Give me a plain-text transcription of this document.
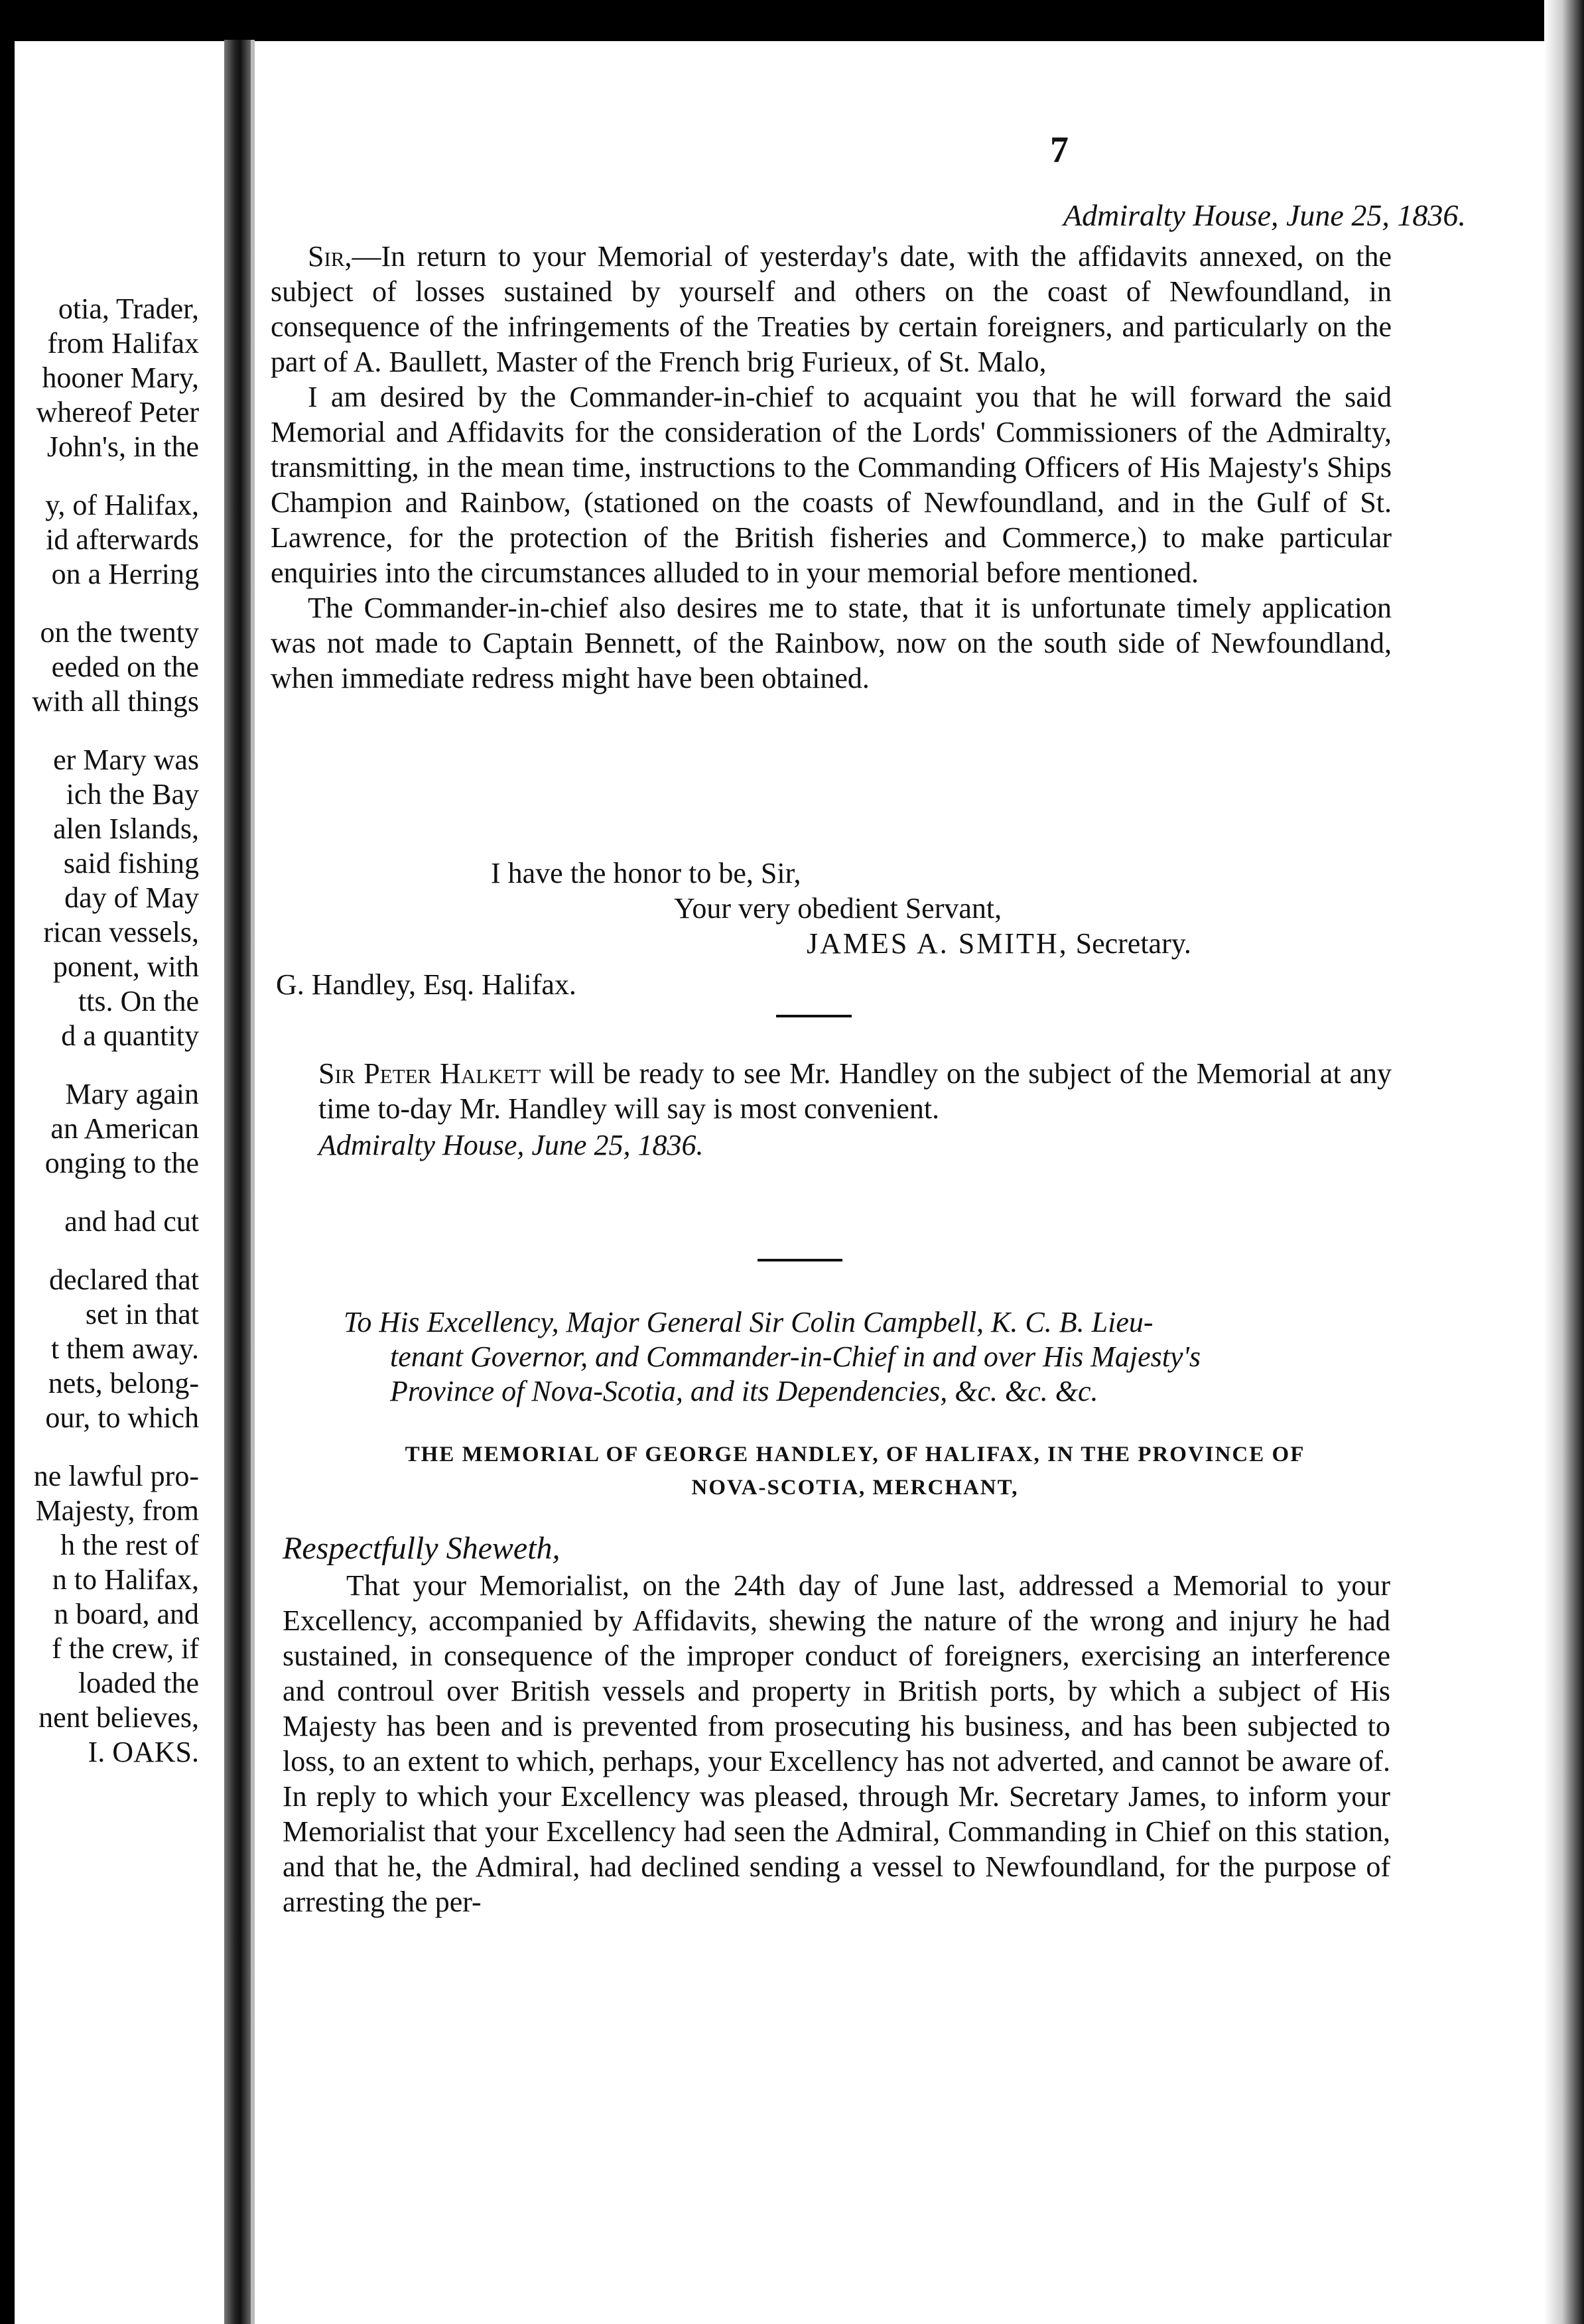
otia, Trader,
from Halifax
hooner Mary,
whereof Peter
John's, in the
y, of Halifax,
id afterwards
on a Herring
on the twenty
eeded on the
with all things
er Mary was
ich the Bay
alen Islands,
said fishing
day of May
rican vessels,
ponent, with
tts. On the
d a quantity
Mary again
an American
onging to the
and had cut
declared that
set in that
t them away.
nets, belong-
our, to which
ne lawful pro-
Majesty, from
h the rest of
n to Halifax,
n board, and
f the crew, if
loaded the
nent believes,
I. OAKS.
7
Admiralty House, June 25, 1836.

Sir,—In return to your Memorial of yesterday's date, with the affidavits annexed, on the subject of losses sustained by yourself and others on the coast of Newfoundland, in consequence of the infringements of the Treaties by certain foreigners, and particularly on the part of A. Baullett, Master of the French brig Furieux, of St. Malo,

I am desired by the Commander-in-chief to acquaint you that he will forward the said Memorial and Affidavits for the consideration of the Lords' Commissioners of the Admiralty, transmitting, in the mean time, instructions to the Commanding Officers of His Majesty's Ships Champion and Rainbow, (stationed on the coasts of Newfoundland, and in the Gulf of St. Lawrence, for the protection of the British fisheries and Commerce,) to make particular enquiries into the circumstances alluded to in your memorial before mentioned.

The Commander-in-chief also desires me to state, that it is unfortunate timely application was not made to Captain Bennett, of the Rainbow, now on the south side of Newfoundland, when immediate redress might have been obtained.

I have the honor to be, Sir,
Your very obedient Servant,
JAMES A. SMITH, Secretary.
G. Handley, Esq. Halifax.

Sir Peter Halkett will be ready to see Mr. Handley on the subject of the Memorial at any time to-day Mr. Handley will say is most convenient.

Admiralty House, June 25, 1836.

To His Excellency, Major General Sir Colin Campbell, K. C. B. Lieu-
tenant Governor, and Commander-in-Chief in and over His Majesty's
Province of Nova-Scotia, and its Dependencies, &c. &c. &c.
THE MEMORIAL OF GEORGE HANDLEY, OF HALIFAX, IN THE PROVINCE OF
NOVA-SCOTIA, MERCHANT,
Respectfully Sheweth,

That your Memorialist, on the 24th day of June last, addressed a Memorial to your Excellency, accompanied by Affidavits, shewing the nature of the wrong and injury he had sustained, in consequence of the improper conduct of foreigners, exercising an interference and controul over British vessels and property in British ports, by which a subject of His Majesty has been and is prevented from prosecuting his business, and has been subjected to loss, to an extent to which, perhaps, your Excellency has not adverted, and cannot be aware of. In reply to which your Excellency was pleased, through Mr. Secretary James, to inform your Memorialist that your Excellency had seen the Admiral, Commanding in Chief on this station, and that he, the Admiral, had declined sending a vessel to Newfoundland, for the purpose of arresting the per-
